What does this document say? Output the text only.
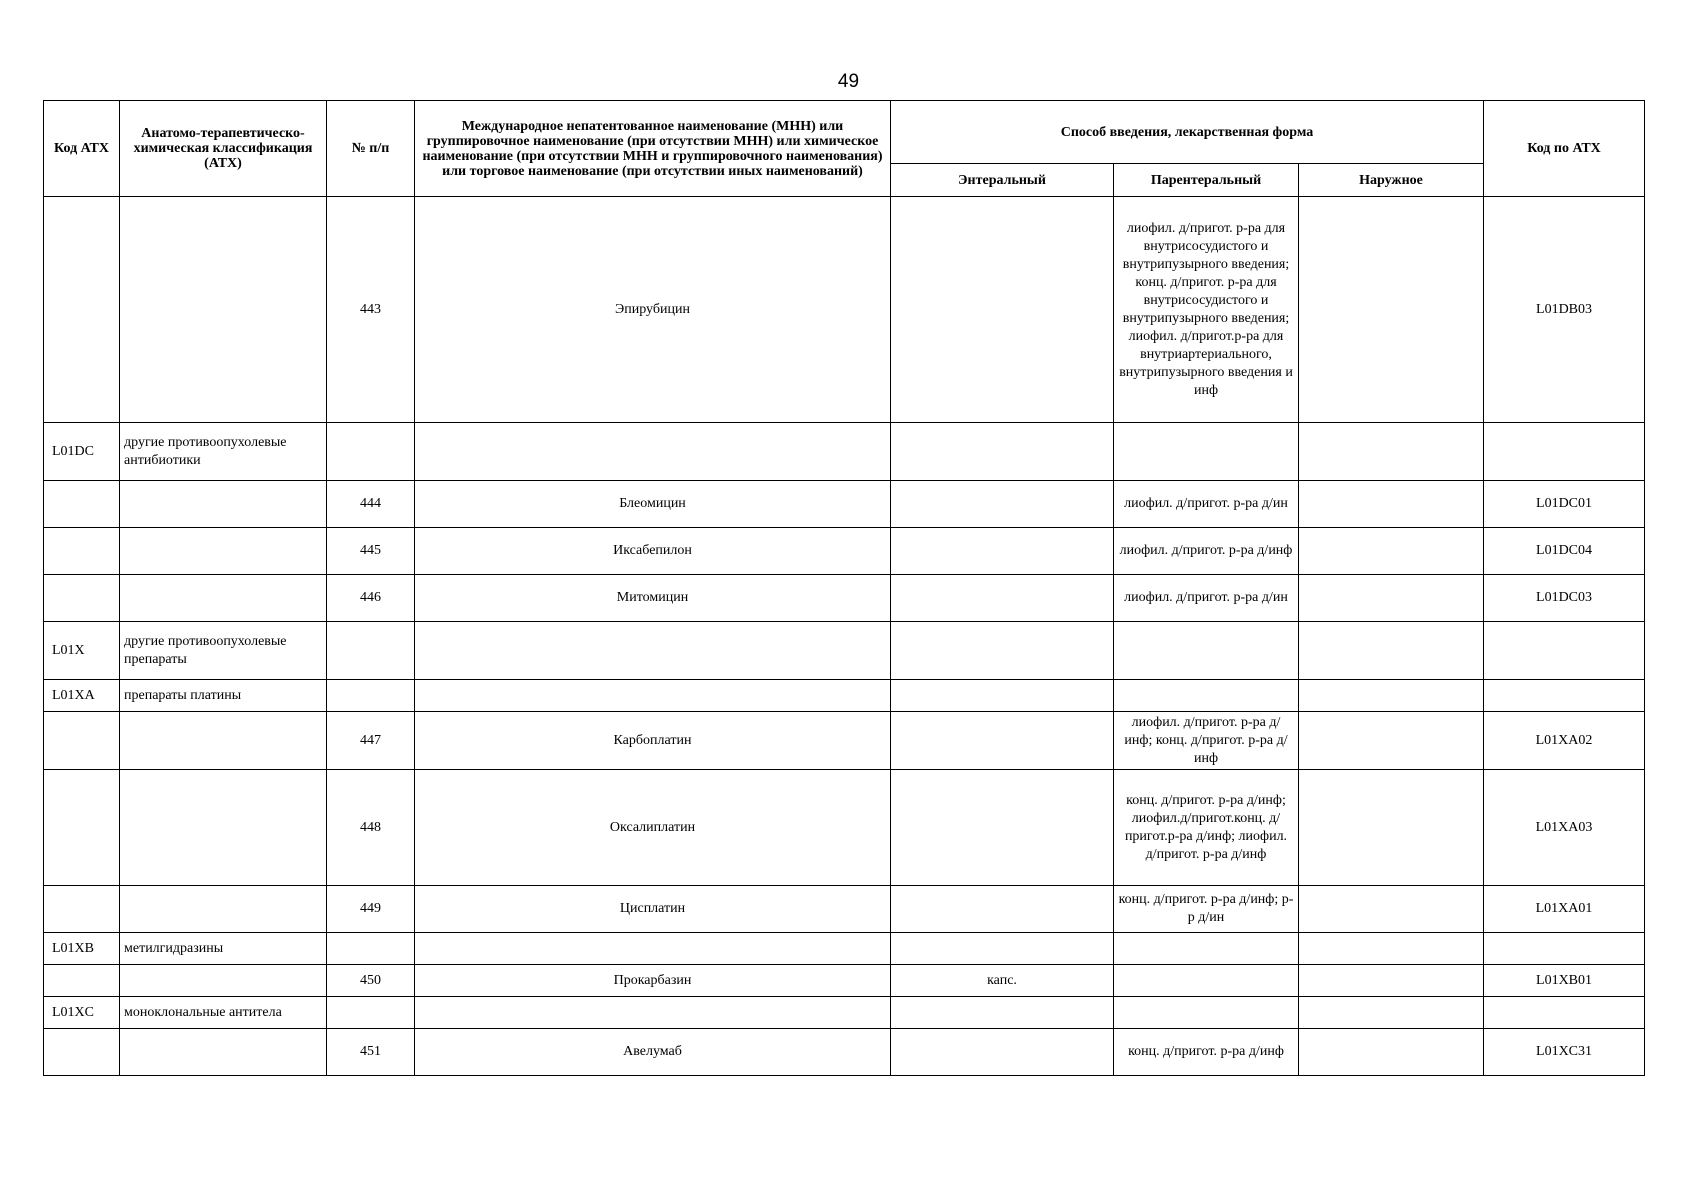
49
Код АТХ	Анатомо-терапевтическо-химическая классификация (АТХ)	№ п/п	Международное непатентованное наименование (МНН) или группировочное наименование (при отсутствии МНН) или химическое наименование (при отсутствии МНН и группировочного наименования) или торговое наименование (при отсутствии иных наименований)	Способ введения, лекарственная форма			Код по АТХ
				Энтеральный	Парентеральный	Наружное	
		443	Эпирубицин		лиофил. д/пригот. р-ра для внутрисосудистого и внутрипузырного введения; конц. д/пригот. р-ра для внутрисосудистого и внутрипузырного введения; лиофил. д/пригот.р-ра для внутриартериального, внутрипузырного введения и инф		L01DB03
L01DC	другие противоопухолевые антибиотики						
		444	Блеомицин		лиофил. д/пригот. р-ра д/ин		L01DC01
		445	Иксабепилон		лиофил. д/пригот. р-ра д/инф		L01DC04
		446	Митомицин		лиофил. д/пригот. р-ра д/ин		L01DC03
L01X	другие противоопухолевые препараты						
L01XA	препараты платины						
		447	Карбоплатин		лиофил. д/пригот. р-ра д/инф; конц. д/пригот. р-ра д/инф		L01XA02
		448	Оксалиплатин		конц. д/пригот. р-ра д/инф; лиофил.д/пригот.конц. д/пригот.р-ра д/инф; лиофил. д/пригот. р-ра д/инф		L01XA03
		449	Цисплатин		конц. д/пригот. р-ра д/инф; р-р д/ин		L01XA01
L01XB	метилгидразины						
		450	Прокарбазин	капс.			L01XB01
L01XC	моноклональные антитела						
		451	Авелумаб		конц. д/пригот. р-ра д/инф		L01XC31
